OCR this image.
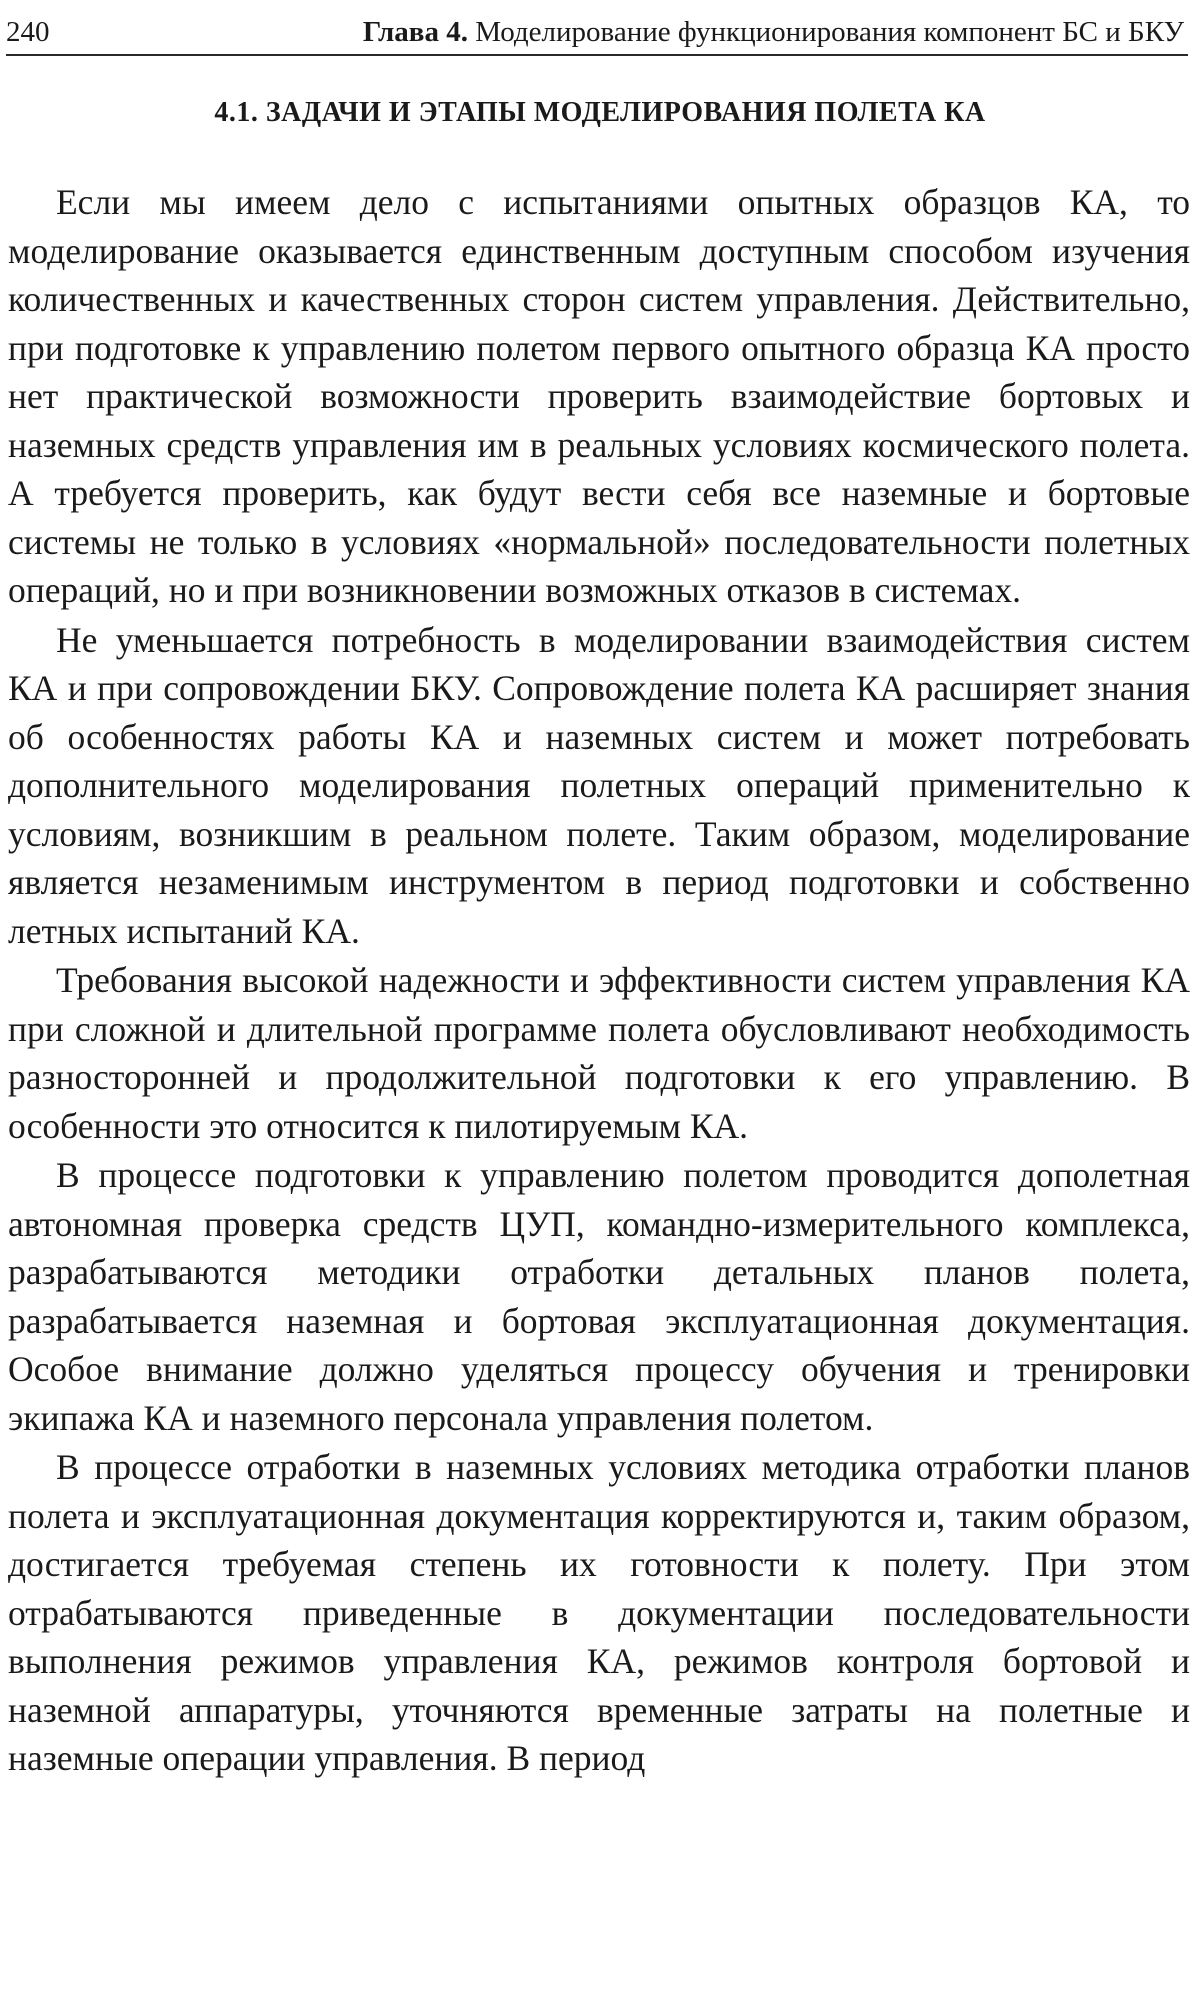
240	Глава 4. Моделирование функционирования компонент БС и БКУ
4.1. ЗАДАЧИ И ЭТАПЫ МОДЕЛИРОВАНИЯ ПОЛЕТА КА

Если мы имеем дело с испытаниями опытных образцов КА, то моделирование оказывается единственным доступным способом изучения количественных и качественных сторон систем управления. Действительно, при подготовке к управлению полетом первого опытного образца КА просто нет практической возможности проверить взаимодействие бортовых и наземных средств управления им в реальных условиях космического полета. А требуется проверить, как будут вести себя все наземные и бортовые системы не только в условиях «нормальной» последовательности полетных операций, но и при возникновении возможных отказов в системах.

Не уменьшается потребность в моделировании взаимодействия систем КА и при сопровождении БКУ. Сопровождение полета КА расширяет знания об особенностях работы КА и наземных систем и может потребовать дополнительного моделирования полетных операций применительно к условиям, возникшим в реальном полете. Таким образом, моделирование является незаменимым инструментом в период подготовки и собственно летных испытаний КА.

Требования высокой надежности и эффективности систем управления КА при сложной и длительной программе полета обусловливают необходимость разносторонней и продолжительной подготовки к его управлению. В особенности это относится к пилотируемым КА.

В процессе подготовки к управлению полетом проводится дополетная автономная проверка средств ЦУП, командно-измерительного комплекса, разрабатываются методики отработки детальных планов полета, разрабатывается наземная и бортовая эксплуатационная документация. Особое внимание должно уделяться процессу обучения и тренировки экипажа КА и наземного персонала управления полетом.

В процессе отработки в наземных условиях методика отработки планов полета и эксплуатационная документация корректируются и, таким образом, достигается требуемая степень их готовности к полету. При этом отрабатываются приведенные в документации последовательности выполнения режимов управления КА, режимов контроля бортовой и наземной аппаратуры, уточняются временные затраты на полетные и наземные операции управления. В период
